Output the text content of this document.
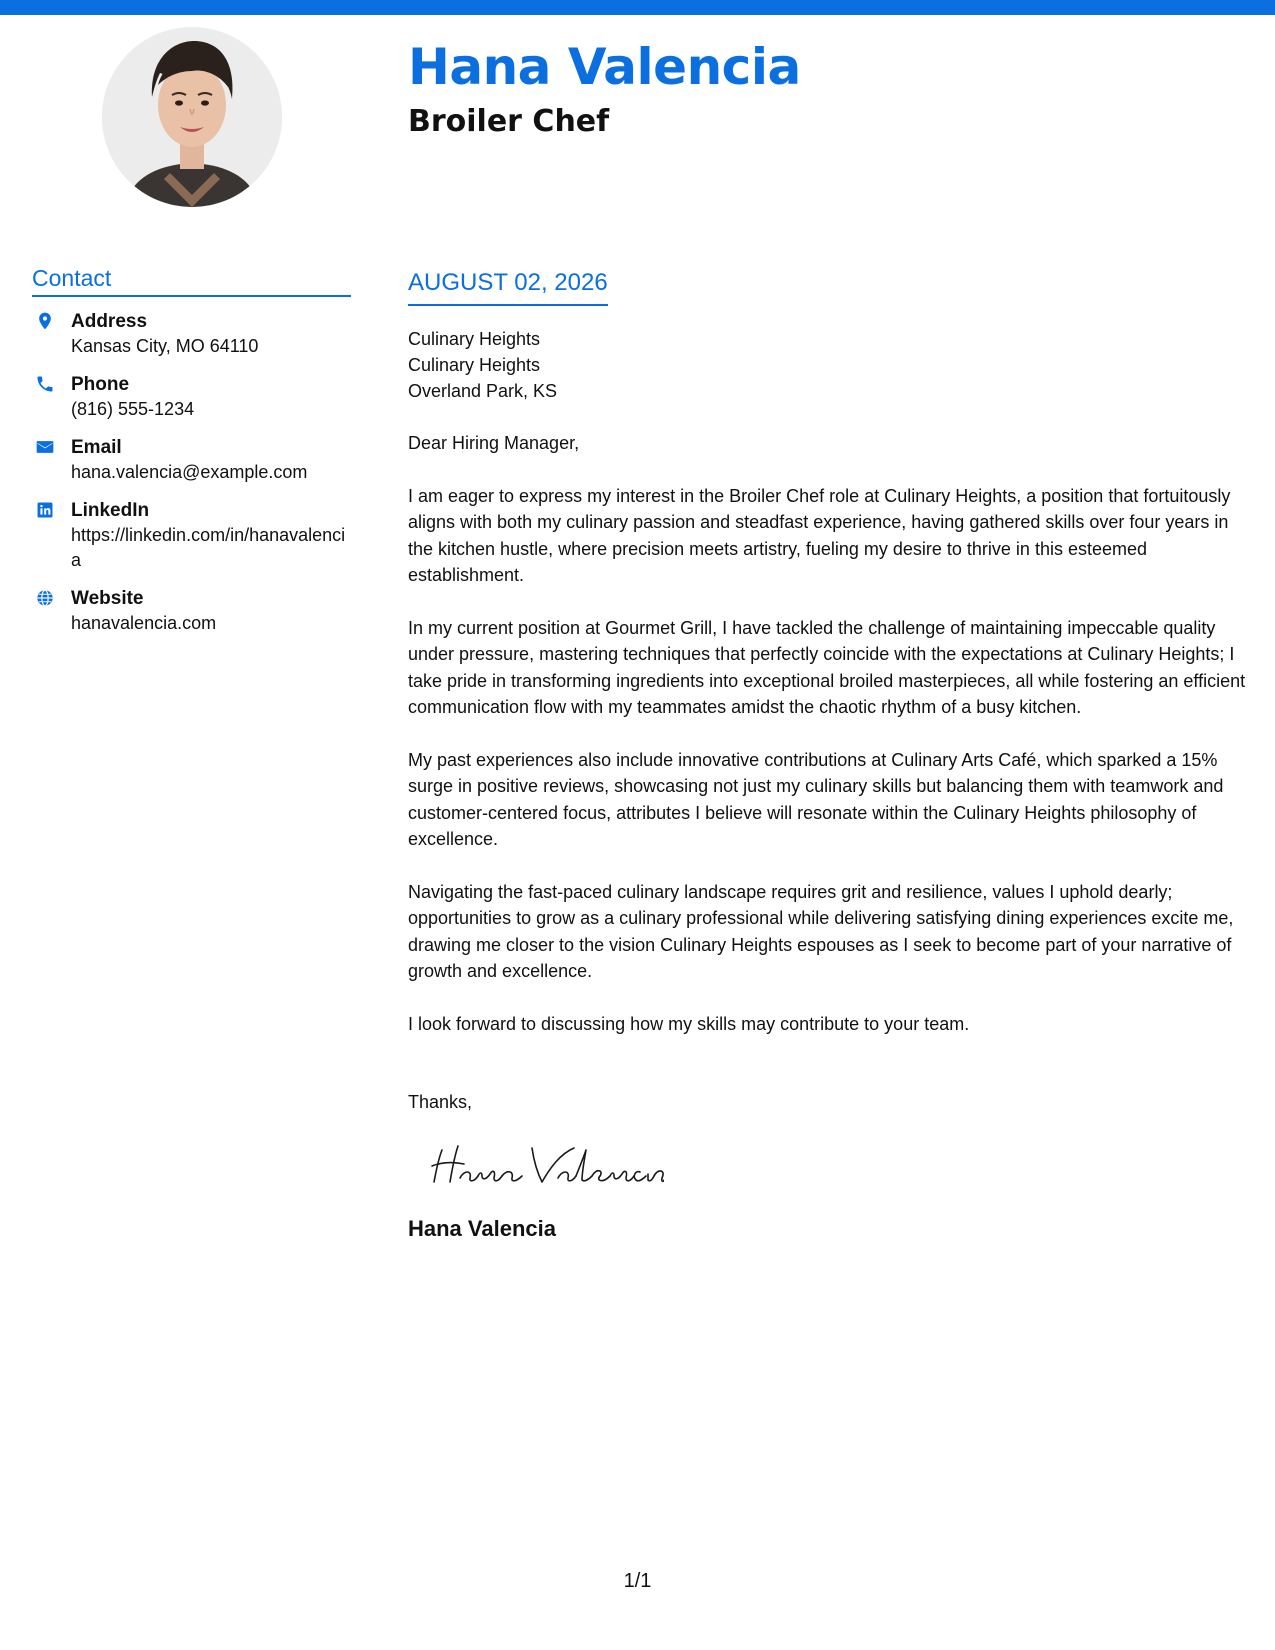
Hana Valencia
Broiler Chef
Contact
Address
Kansas City, MO 64110
Phone
(816) 555-1234
Email
hana.valencia@example.com
LinkedIn
https://linkedin.com/in/hanavalencia
Website
hanavalencia.com
AUGUST 02, 2026
Culinary Heights
Culinary Heights
Overland Park, KS

Dear Hiring Manager,

I am eager to express my interest in the Broiler Chef role at Culinary Heights, a position that fortuitously aligns with both my culinary passion and steadfast experience, having gathered skills over four years in the kitchen hustle, where precision meets artistry, fueling my desire to thrive in this esteemed establishment.

In my current position at Gourmet Grill, I have tackled the challenge of maintaining impeccable quality under pressure, mastering techniques that perfectly coincide with the expectations at Culinary Heights; I take pride in transforming ingredients into exceptional broiled masterpieces, all while fostering an efficient communication flow with my teammates amidst the chaotic rhythm of a busy kitchen.

My past experiences also include innovative contributions at Culinary Arts Café, which sparked a 15% surge in positive reviews, showcasing not just my culinary skills but balancing them with teamwork and customer-centered focus, attributes I believe will resonate within the Culinary Heights philosophy of excellence.

Navigating the fast-paced culinary landscape requires grit and resilience, values I uphold dearly; opportunities to grow as a culinary professional while delivering satisfying dining experiences excite me, drawing me closer to the vision Culinary Heights espouses as I seek to become part of your narrative of growth and excellence.

I look forward to discussing how my skills may contribute to your team.

Thanks,

Hana Valencia
1/1
